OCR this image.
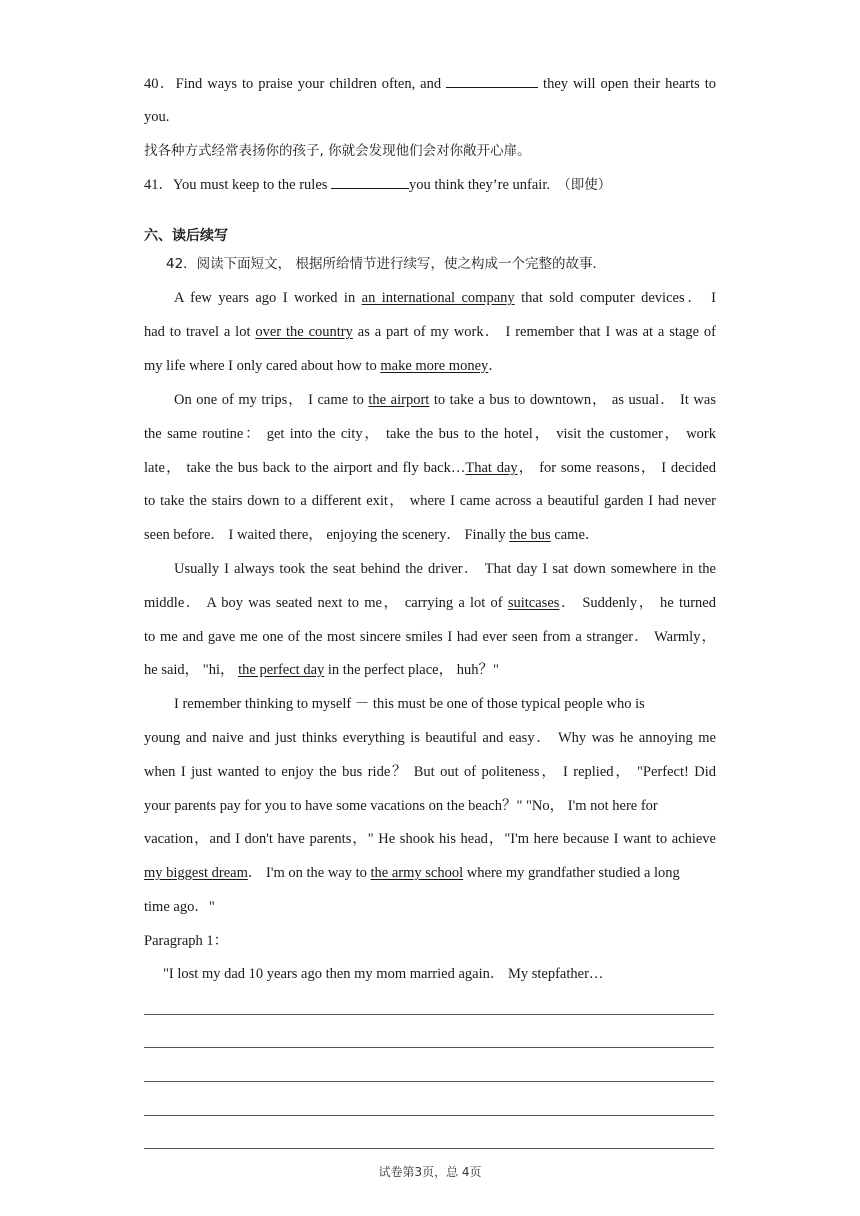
40．Find ways to praise your children often, and	they will open their hearts to
you.
找各种方式经常表扬你的孩子, 你就会发现他们会对你敞开心扉。
41．You must keep to the rules	you think they’re unfair. （即使）
六、读后续写
42．阅读下面短文， 根据所给情节进行续写，使之构成一个完整的故事．
A few years ago I worked in an international company that sold computer devices． I
had to travel a lot over the country as a part of my work． I remember that I was at a stage of
my life where I only cared about how to make more money．
On one of my trips， I came to the airport to take a bus to downtown， as usual． It was
the same routine： get into the city， take the bus to the hotel， visit the customer， work
late， take the bus back to the airport and fly back…That day， for some reasons， I decided
to take the stairs down to a different exit， where I came across a beautiful garden I had never
seen before． I waited there， enjoying the scenery． Finally the bus came．
Usually I always took the seat behind the driver． That day I sat down somewhere in the
middle． A boy was seated next to me， carrying a lot of suitcases． Suddenly， he turned
to me and gave me one of the most sincere smiles I had ever seen from a stranger． Warmly，
he said， "hi， the perfect day in the perfect place， huh？"
I remember thinking to myself － this must be one of those typical people who is
young and naive and just thinks everything is beautiful and easy． Why was he annoying me
when I just wanted to enjoy the bus ride？ But out of politeness， I replied， "Perfect! Did
your parents pay for you to have some vacations on the beach？" "No， I'm not here for
vacation，and I don't have parents，" He shook his head，"I'm here because I want to achieve
my biggest dream． I'm on the way to the army school where my grandfather studied a long
time ago．"
Paragraph 1：
"I lost my dad 10 years ago then my mom married again． My stepfather…
试卷第3页，总 4页
